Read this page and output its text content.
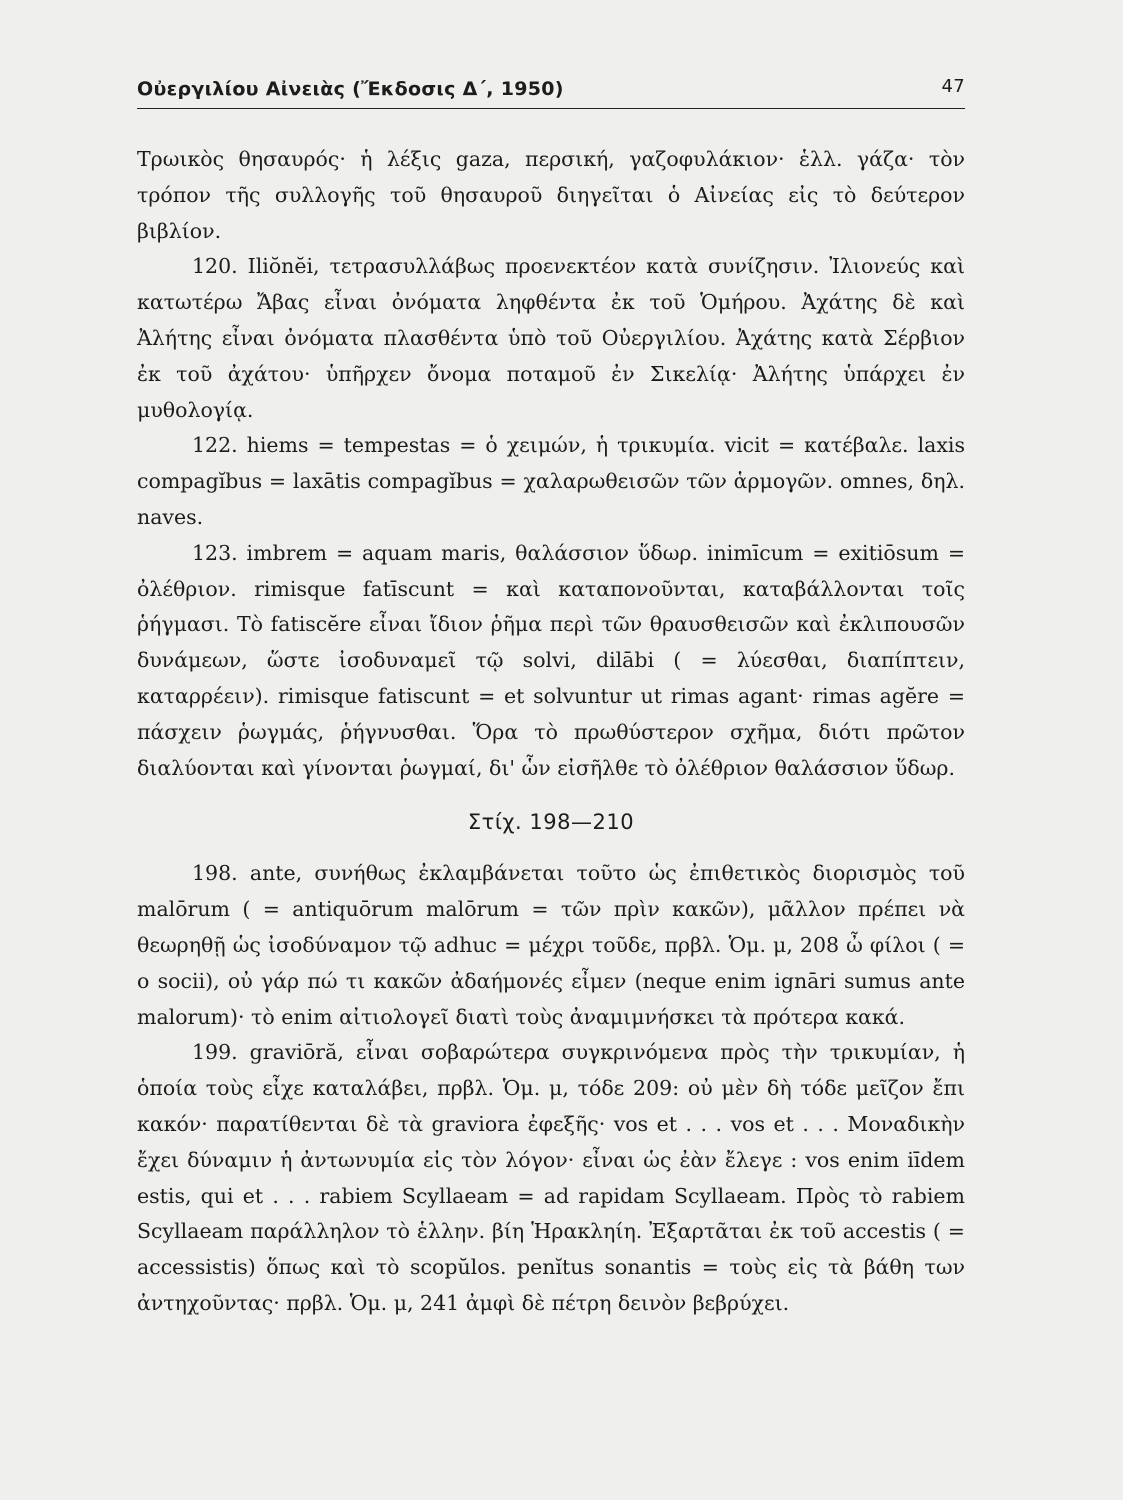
Οὐεργιλίου Αἰνειὰς (Ἔκδοσις Δ΄, 1950)	47

Τρωικὸς θησαυρός· ἡ λέξις gaza, περσική, γαζοφυλάκιον· ἑλλ. γάζα· τὸν τρόπον τῆς συλλογῆς τοῦ θησαυροῦ διηγεῖται ὁ Αἰνείας εἰς τὸ δεύτερον βιβλίον.

120. Iliŏnĕi, τετρασυλλάβως προενεκτέον κατὰ συνίζησιν. Ἰλιονεύς καὶ κατωτέρω Ἄβας εἶναι ὀνόματα ληφθέντα ἐκ τοῦ Ὁμήρου. Ἀχάτης δὲ καὶ Ἀλήτης εἶναι ὀνόματα πλασθέντα ὑπὸ τοῦ Οὐεργιλίου. Ἀχάτης κατὰ Σέρβιον ἐκ τοῦ ἀχάτου· ὑπῆρχεν ὄνομα ποταμοῦ ἐν Σικελίᾳ· Ἀλήτης ὑπάρχει ἐν μυθολογίᾳ.

122. hiems = tempestas = ὁ χειμών, ἡ τρικυμία. vicit = κατέβαλε. laxis compagĭbus = laxātis compagĭbus = χαλαρωθεισῶν τῶν ἁρμογῶν. omnes, δηλ. naves.

123. imbrem = aquam maris, θαλάσσιον ὕδωρ. inimīcum = exitiōsum = ὀλέθριον. rimisque fatīscunt = καὶ καταπονοῦνται, καταβάλλονται τοῖς ῥήγμασι. Τὸ fatiscĕre εἶναι ἴδιον ῥῆμα περὶ τῶν θραυσθεισῶν καὶ ἐκλιπουσῶν δυνάμεων, ὥστε ἰσοδυναμεῖ τῷ solvi, dilābi ( = λύεσθαι, διαπίπτειν, καταρρέειν). rimisque fatiscunt = et solvuntur ut rimas agant· rimas agĕre = πάσχειν ῥωγμάς, ῥήγνυσθαι. Ὅρα τὸ πρωθύστερον σχῆμα, διότι πρῶτον διαλύονται καὶ γίνονται ῥωγμαί, δι' ὧν εἰσῆλθε τὸ ὀλέθριον θαλάσσιον ὕδωρ.

Στίχ. 198—210

198. ante, συνήθως ἐκλαμβάνεται τοῦτο ὡς ἐπιθετικὸς διορισμὸς τοῦ malōrum ( = antiquōrum malōrum = τῶν πρὶν κακῶν), μᾶλλον πρέπει νὰ θεωρηθῇ ὡς ἰσοδύναμον τῷ adhuc = μέχρι τοῦδε, πρβλ. Ὁμ. μ, 208 ὦ φίλοι ( = o socii), οὐ γάρ πώ τι κακῶν ἀδαήμονές εἶμεν (neque enim ignāri sumus ante malorum)· τὸ enim αἰτιολογεῖ διατὶ τοὺς ἀναμιμνήσκει τὰ πρότερα κακά.

199. graviōră, εἶναι σοβαρώτερα συγκρινόμενα πρὸς τὴν τρικυμίαν, ἡ ὁποία τοὺς εἶχε καταλάβει, πρβλ. Ὁμ. μ, τόδε 209: οὐ μὲν δὴ τόδε μεῖζον ἔπι κακόν· παρατίθενται δὲ τὰ graviora ἐφεξῆς· vos et . . . vos et . . . Μοναδικὴν ἔχει δύναμιν ἡ ἀντωνυμία εἰς τὸν λόγον· εἶναι ὡς ἐὰν ἔλεγε : vos enim iīdem estis, qui et . . . rabiem Scyllaeam = ad rapidam Scyllaeam. Πρὸς τὸ rabiem Scyllaeam παράλληλον τὸ ἑλλην. βίη Ἡρακληίη. Ἐξαρτᾶται ἐκ τοῦ accestis ( = accessistis) ὅπως καὶ τὸ scopŭlos. penĭtus sonantis = τοὺς εἰς τὰ βάθη των ἀντηχοῦντας· πρβλ. Ὁμ. μ, 241 ἀμφὶ δὲ πέτρη δεινὸν βεβρύχει.
